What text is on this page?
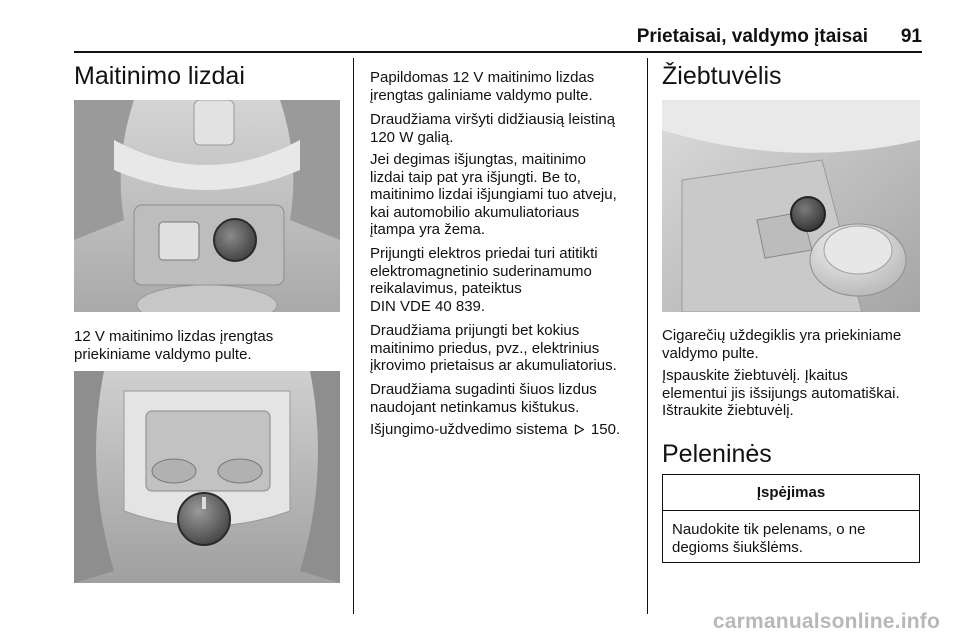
Prietaisai, valdymo įtaisai 91
Maitinimo lizdai

12 V maitinimo lizdas įrengtas
priekiniame valdymo pulte.

Papildomas 12 V maitinimo lizdas
įrengtas galiniame valdymo pulte.

Draudžiama viršyti didžiausią leistiną
120 W galią.

Jei degimas išjungtas, maitinimo
lizdai taip pat yra išjungti. Be to,
maitinimo lizdai išjungiami tuo atveju,
kai automobilio akumuliatoriaus
įtampa yra žema.

Prijungti elektros priedai turi atitikti
elektromagnetinio suderinamumo
reikalavimus, pateiktus
DIN VDE 40 839.

Draudžiama prijungti bet kokius
maitinimo priedus, pvz., elektrinius
įkrovimo prietaisus ar akumuliatorius.

Draudžiama sugadinti šiuos lizdus
naudojant netinkamus kištukus.

Išjungimo-uždvedimo sistema 150.

Žiebtuvėlis

Cigarečių uždegiklis yra priekiniame
valdymo pulte.

Įspauskite žiebtuvėlį. Įkaitus
elementui jis išsijungs automatiškai.
Ištraukite žiebtuvėlį.

Peleninės
Įspėjimas
Naudokite tik pelenams, o ne
degioms šiukšlėms.
carmanualsonline.info
